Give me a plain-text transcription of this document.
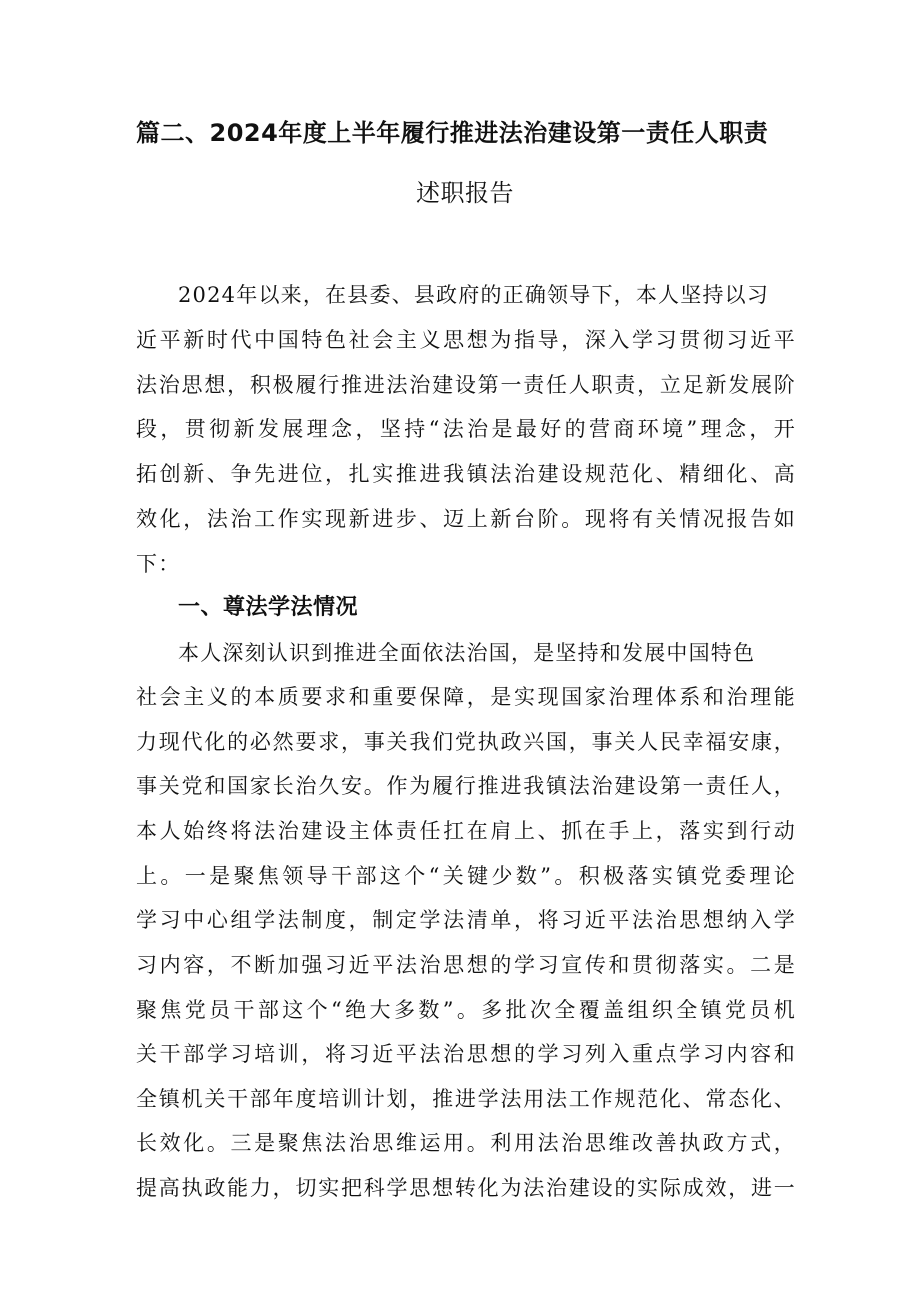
篇二、2024年度上半年履行推进法治建设第一责任人职责
述职报告

2024年以来，在县委、县政府的正确领导下，本人坚持以习

近平新时代中国特色社会主义思想为指导，深入学习贯彻习近平

法治思想，积极履行推进法治建设第一责任人职责，立足新发展阶

段，贯彻新发展理念，坚持“法治是最好的营商环境”理念，开

拓创新、争先进位，扎实推进我镇法治建设规范化、精细化、高

效化，法治工作实现新进步、迈上新台阶。现将有关情况报告如

下：

一、尊法学法情况

本人深刻认识到推进全面依法治国，是坚持和发展中国特色

社会主义的本质要求和重要保障，是实现国家治理体系和治理能

力现代化的必然要求，事关我们党执政兴国，事关人民幸福安康，

事关党和国家长治久安。作为履行推进我镇法治建设第一责任人，

本人始终将法治建设主体责任扛在肩上、抓在手上，落实到行动

上。一是聚焦领导干部这个“关键少数”。积极落实镇党委理论

学习中心组学法制度，制定学法清单，将习近平法治思想纳入学

习内容，不断加强习近平法治思想的学习宣传和贯彻落实。二是

聚焦党员干部这个“绝大多数”。多批次全覆盖组织全镇党员机

关干部学习培训，将习近平法治思想的学习列入重点学习内容和

全镇机关干部年度培训计划，推进学法用法工作规范化、常态化、

长效化。三是聚焦法治思维运用。利用法治思维改善执政方式，

提高执政能力，切实把科学思想转化为法治建设的实际成效，进一
